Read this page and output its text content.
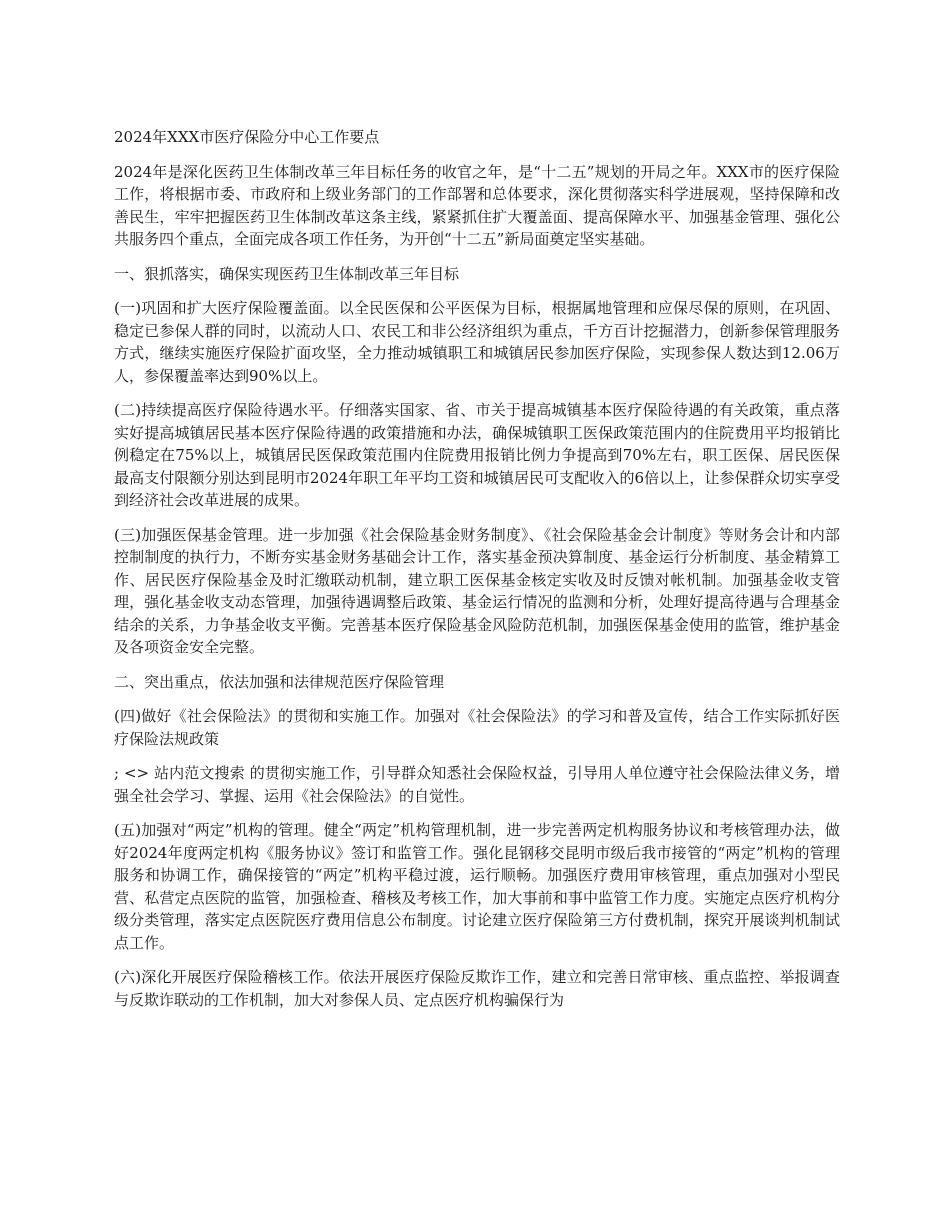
2024年XXX市医疗保险分中心工作要点

2024年是深化医药卫生体制改革三年目标任务的收官之年，是“十二五”规划的开局之年。XXX市的医疗保险工作，将根据市委、市政府和上级业务部门的工作部署和总体要求，深化贯彻落实科学进展观，坚持保障和改善民生，牢牢把握医药卫生体制改革这条主线，紧紧抓住扩大覆盖面、提高保障水平、加强基金管理、强化公共服务四个重点，全面完成各项工作任务，为开创“十二五”新局面奠定坚实基础。

一、狠抓落实，确保实现医药卫生体制改革三年目标

(一)巩固和扩大医疗保险覆盖面。以全民医保和公平医保为目标，根据属地管理和应保尽保的原则，在巩固、稳定已参保人群的同时，以流动人口、农民工和非公经济组织为重点，千方百计挖掘潜力，创新参保管理服务方式，继续实施医疗保险扩面攻坚，全力推动城镇职工和城镇居民参加医疗保险，实现参保人数达到12.06万人，参保覆盖率达到90%以上。

(二)持续提高医疗保险待遇水平。仔细落实国家、省、市关于提高城镇基本医疗保险待遇的有关政策，重点落实好提高城镇居民基本医疗保险待遇的政策措施和办法，确保城镇职工医保政策范围内的住院费用平均报销比例稳定在75%以上，城镇居民医保政策范围内住院费用报销比例力争提高到70%左右，职工医保、居民医保最高支付限额分别达到昆明市2024年职工年平均工资和城镇居民可支配收入的6倍以上，让参保群众切实享受到经济社会改革进展的成果。

(三)加强医保基金管理。进一步加强《社会保险基金财务制度》、《社会保险基金会计制度》等财务会计和内部控制制度的执行力，不断夯实基金财务基础会计工作，落实基金预决算制度、基金运行分析制度、基金精算工作、居民医疗保险基金及时汇缴联动机制，建立职工医保基金核定实收及时反馈对帐机制。加强基金收支管理，强化基金收支动态管理，加强待遇调整后政策、基金运行情况的监测和分析，处理好提高待遇与合理基金结余的关系，力争基金收支平衡。完善基本医疗保险基金风险防范机制，加强医保基金使用的监管，维护基金及各项资金安全完整。

二、突出重点，依法加强和法律规范医疗保险管理

(四)做好《社会保险法》的贯彻和实施工作。加强对《社会保险法》的学习和普及宣传，结合工作实际抓好医疗保险法规政策

; <> 站内范文搜索 的贯彻实施工作，引导群众知悉社会保险权益，引导用人单位遵守社会保险法律义务，增强全社会学习、掌握、运用《社会保险法》的自觉性。

(五)加强对“两定”机构的管理。健全“两定”机构管理机制，进一步完善两定机构服务协议和考核管理办法，做好2024年度两定机构《服务协议》签订和监管工作。强化昆钢移交昆明市级后我市接管的“两定”机构的管理服务和协调工作，确保接管的“两定”机构平稳过渡，运行顺畅。加强医疗费用审核管理，重点加强对小型民营、私营定点医院的监管，加强检查、稽核及考核工作，加大事前和事中监管工作力度。实施定点医疗机构分级分类管理，落实定点医院医疗费用信息公布制度。讨论建立医疗保险第三方付费机制，探究开展谈判机制试点工作。

(六)深化开展医疗保险稽核工作。依法开展医疗保险反欺诈工作，建立和完善日常审核、重点监控、举报调查与反欺诈联动的工作机制，加大对参保人员、定点医疗机构骗保行为
